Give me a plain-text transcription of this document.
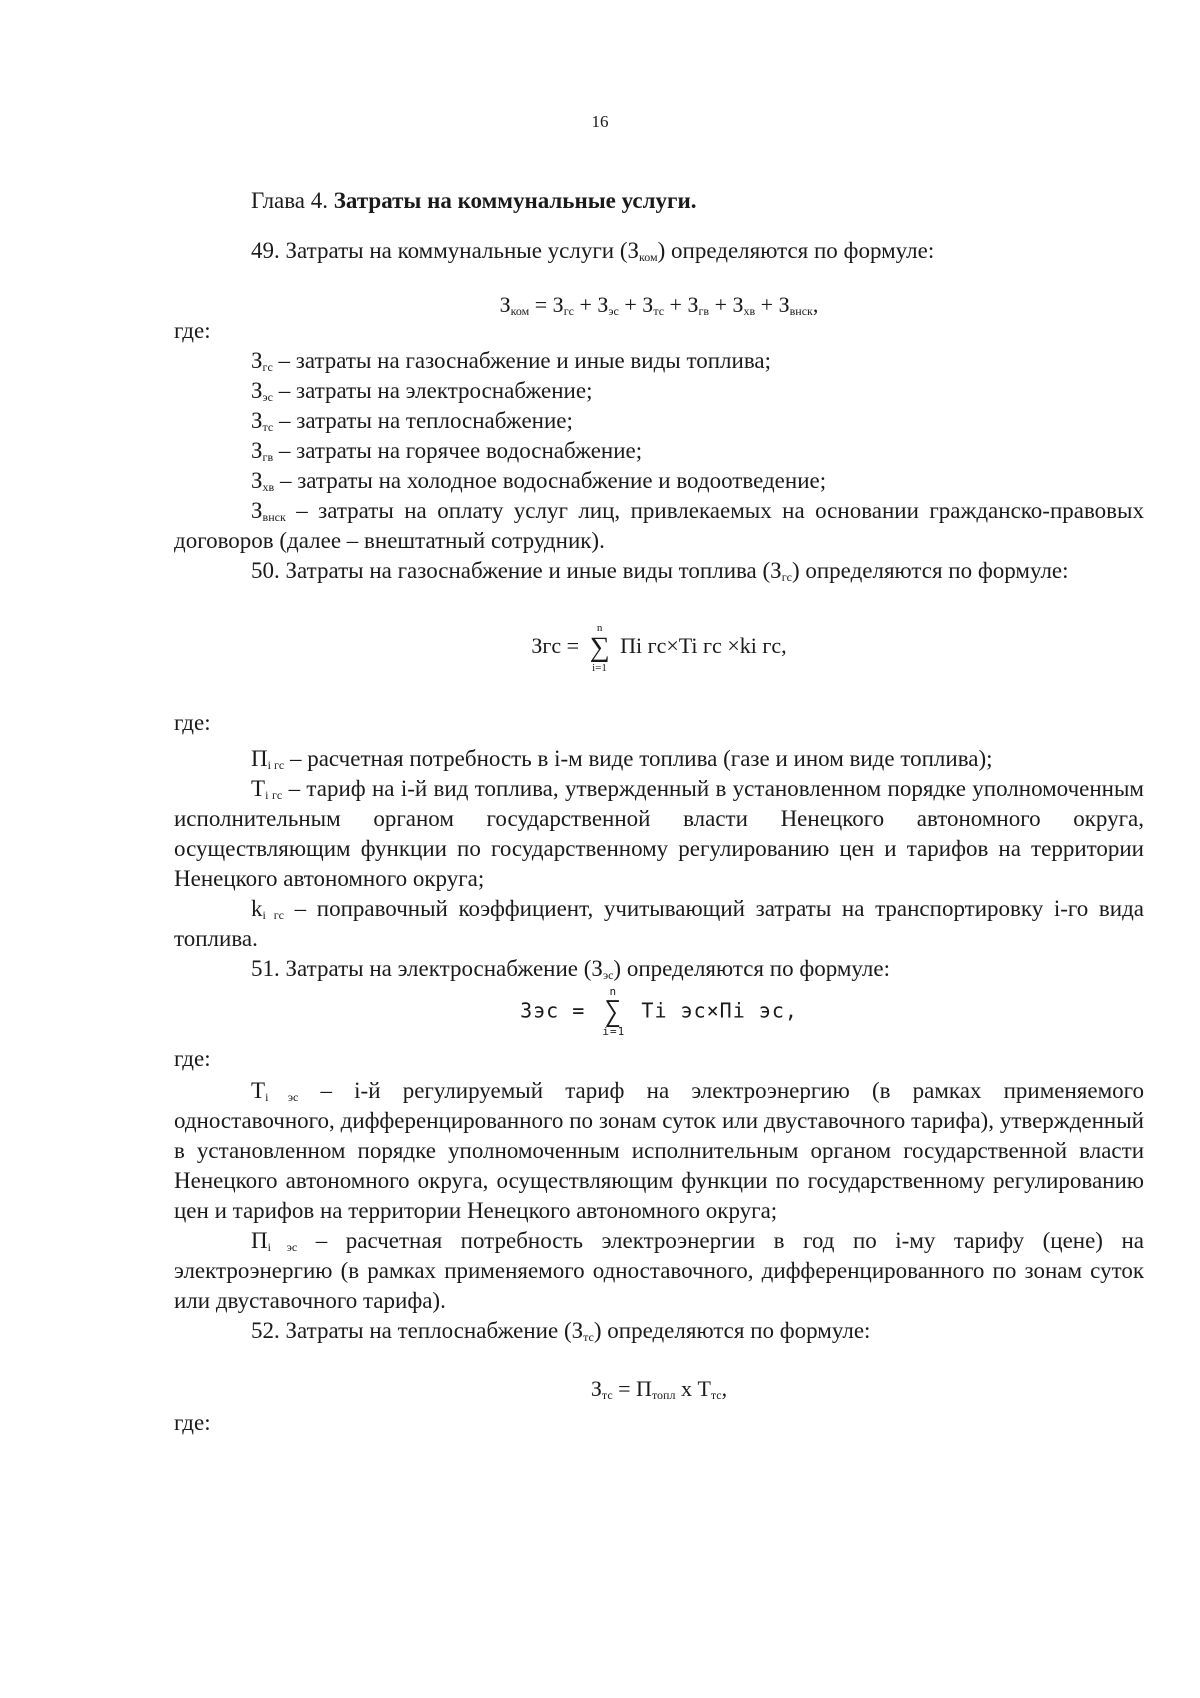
16
Глава 4. Затраты на коммунальные услуги.

49. Затраты на коммунальные услуги $(З_{ком})$ определяются по формуле:

$З_{ком} = З_{гс} + З_{эс} + З_{тс} + З_{гв} + З_{хв} + З_{внск}$,

где:

$З_{гс}$ – затраты на газоснабжение и иные виды топлива;

$З_{эс}$ – затраты на электроснабжение;

$З_{тс}$ – затраты на теплоснабжение;

$З_{гв}$ – затраты на горячее водоснабжение;

$З_{хв}$ – затраты на холодное водоснабжение и водоотведение;

$З_{внск}$ – затраты на оплату услуг лиц, привлекаемых на основании гражданско-правовых договоров (далее – внештатный сотрудник).

50. Затраты на газоснабжение и иные виды топлива $(З_{гс})$ определяются по формуле:

Згс =
n
∑
i=1
Пi гс×Ti гс ×ki гс,

где:

$П_{i гс}$ – расчетная потребность в i-м виде топлива (газе и ином виде топлива);

$Т_{i гс}$ – тариф на i-й вид топлива, утвержденный в установленном порядке уполномоченным исполнительным органом государственной власти Ненецкого автономного округа, осуществляющим функции по государственному регулированию цен и тарифов на территории Ненецкого автономного округа;

$k_{i гс}$ – поправочный коэффициент, учитывающий затраты на транспортировку i-го вида топлива.

51. Затраты на электроснабжение $(З_{эс})$ определяются по формуле:

Зэс =
n
∑
i=1
Ti эс×Пi эс,

где:

$Т_{i эс} - i-й$ регулируемый тариф на электроэнергию (в рамках применяемого одноставочного, дифференцированного по зонам суток или двуставочного тарифа), утвержденный в установленном порядке уполномоченным исполнительным органом государственной власти Ненецкого автономного округа, осуществляющим функции по государственному регулированию цен и тарифов на территории Ненецкого автономного округа;

$П_{i эс}$ – расчетная потребность электроэнергии в год по i-му тарифу (цене) на электроэнергию (в рамках применяемого одноставочного, дифференцированного по зонам суток или двуставочного тарифа).

52. Затраты на теплоснабжение $(З_{тс})$ определяются по формуле:

$З_{тс} = П_{топл}$ х $Т_{тс}$,

где:
